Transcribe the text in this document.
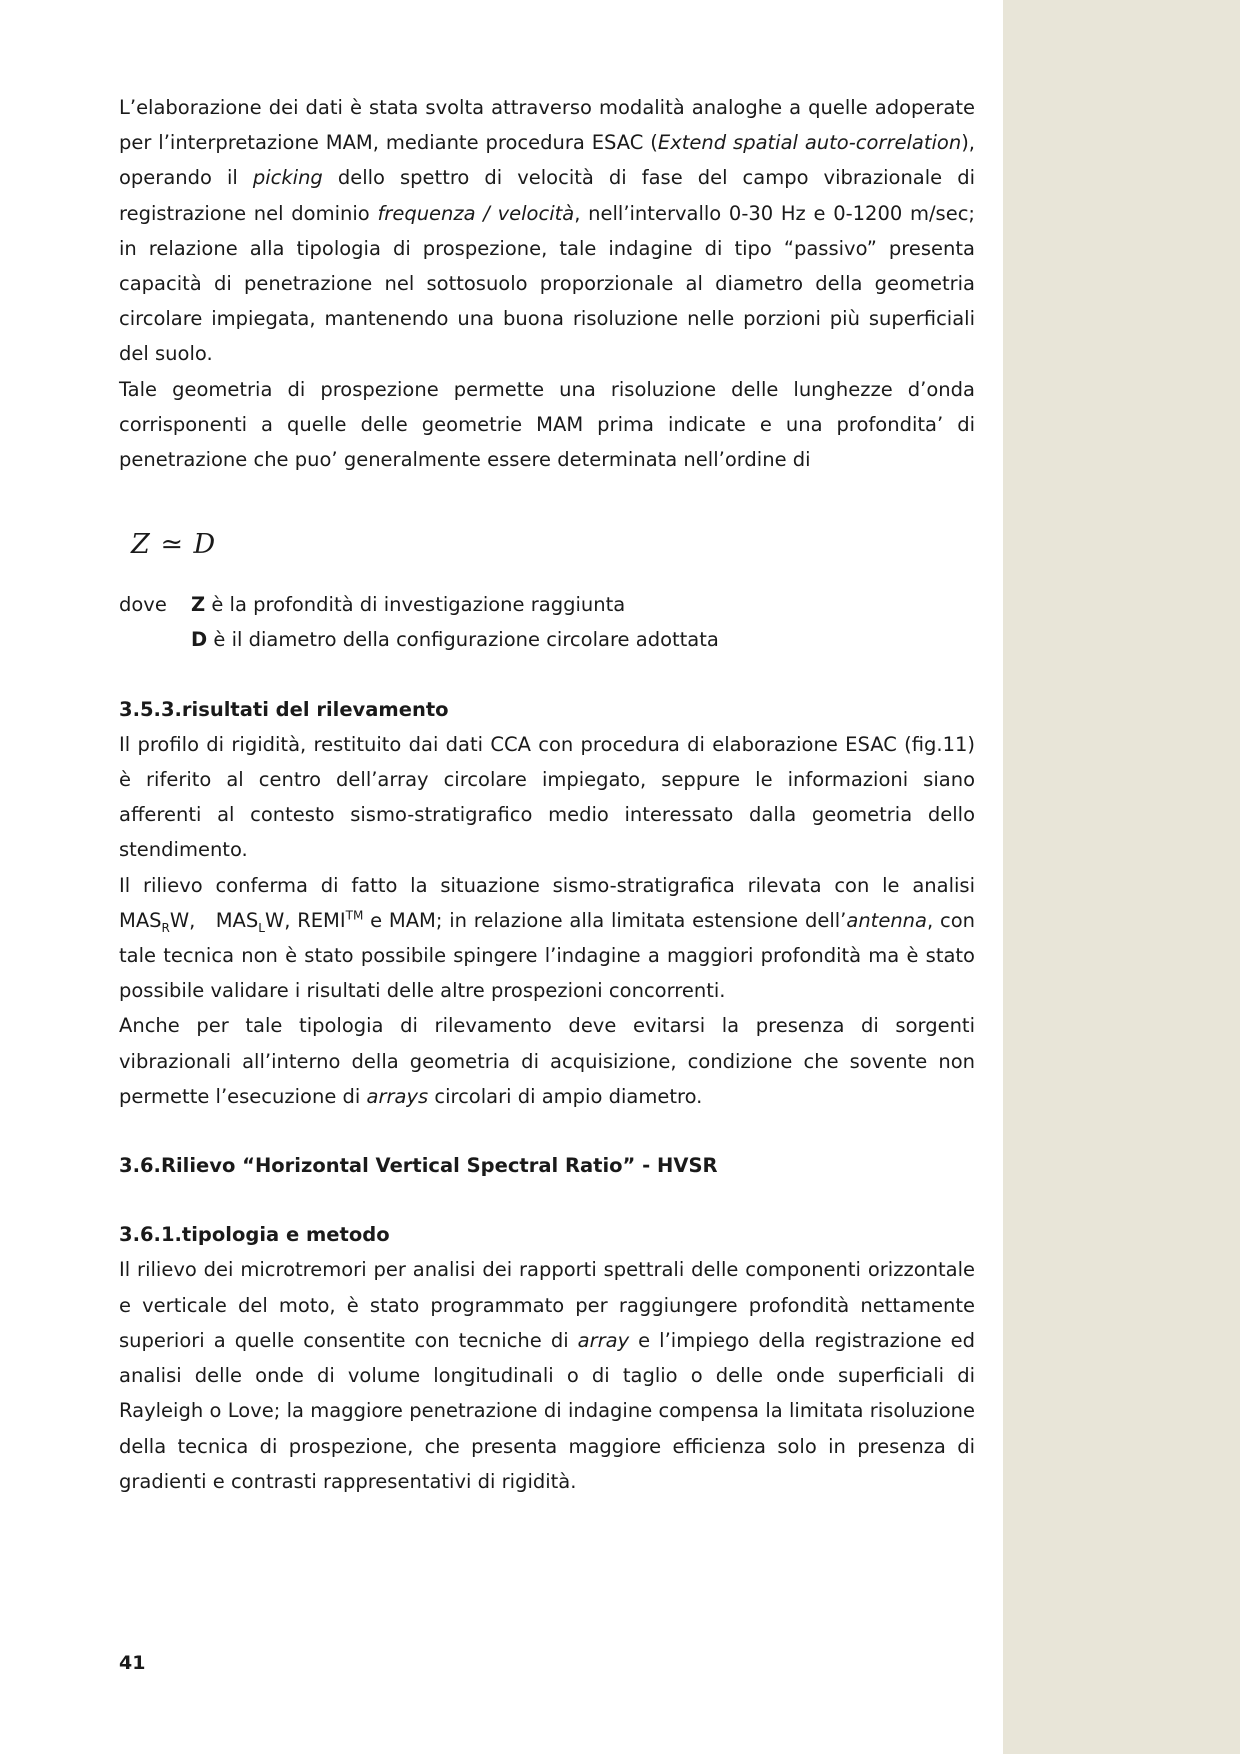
L’elaborazione dei dati è stata svolta attraverso modalità analoghe a quelle adoperate per l’interpretazione MAM, mediante procedura ESAC (Extend spatial auto-correlation), operando il picking dello spettro di velocità di fase del campo vibrazionale di registrazione nel dominio frequenza / velocità, nell’intervallo 0-30 Hz e 0-1200 m/sec; in relazione alla tipologia di prospezione, tale indagine di tipo “passivo” presenta capacità di penetrazione nel sottosuolo proporzionale al diametro della geometria circolare impiegata, mantenendo una buona risoluzione nelle porzioni più superficiali del suolo.

Tale geometria di prospezione permette una risoluzione delle lunghezze d’onda corrisponenti a quelle delle geometrie MAM prima indicate e una profondita’ di penetrazione che puo’ generalmente essere determinata nell’ordine di

Z ≃ D
dove	Z è la profondità di investigazione raggiunta
D è il diametro della configurazione circolare adottata

3.5.3.risultati del rilevamento

Il profilo di rigidità, restituito dai dati CCA con procedura di elaborazione ESAC (fig.11) è riferito al centro dell’array circolare impiegato, seppure le informazioni siano afferenti al contesto sismo-stratigrafico medio interessato dalla geometria dello stendimento.

Il rilievo conferma di fatto la situazione sismo-stratigrafica rilevata con le analisi $MAS_RW$, $MAS_LW$, REMI™ e MAM; in relazione alla limitata estensione dell’antenna, con tale tecnica non è stato possibile spingere l’indagine a maggiori profondità ma è stato possibile validare i risultati delle altre prospezioni concorrenti.

Anche per tale tipologia di rilevamento deve evitarsi la presenza di sorgenti vibrazionali all’interno della geometria di acquisizione, condizione che sovente non permette l’esecuzione di arrays circolari di ampio diametro.

3.6.Rilievo “Horizontal Vertical Spectral Ratio” - HVSR

3.6.1.tipologia e metodo

Il rilievo dei microtremori per analisi dei rapporti spettrali delle componenti orizzontale e verticale del moto, è stato programmato per raggiungere profondità nettamente superiori a quelle consentite con tecniche di array e l’impiego della registrazione ed analisi delle onde di volume longitudinali o di taglio o delle onde superficiali di Rayleigh o Love; la maggiore penetrazione di indagine compensa la limitata risoluzione della tecnica di prospezione, che presenta maggiore efficienza solo in presenza di gradienti e contrasti rappresentativi di rigidità.

41
